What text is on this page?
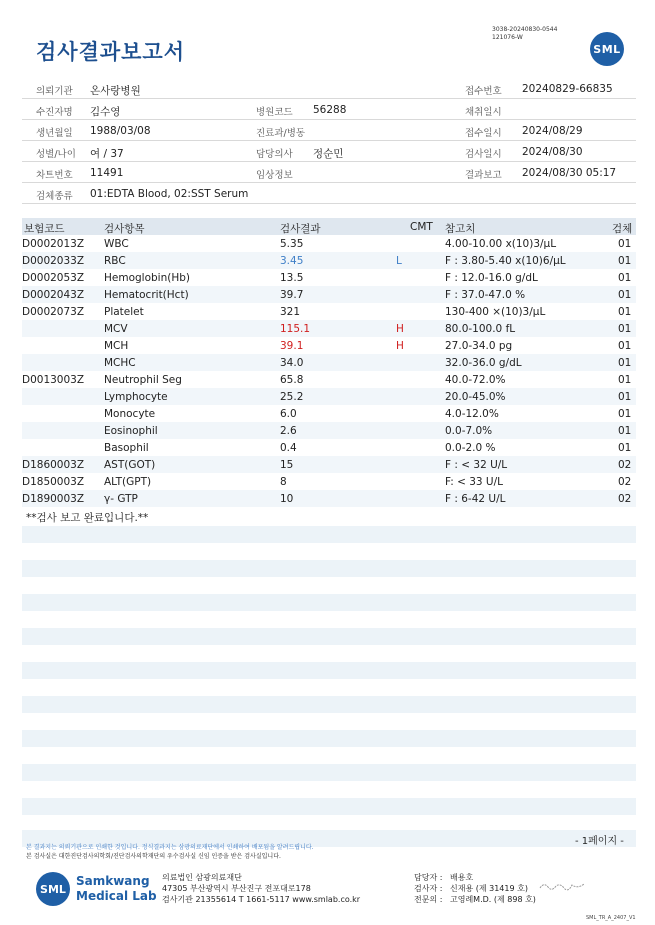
검사결과보고서
3038-20240830-0544
121076-W
SML
의뢰기관 온사랑병원	접수번호 20240829-66835
수진자명 김수영	병원코드 56288	채취일시
생년월일 1988/03/08	진료과/병동	접수일시 2024/08/29
성별/나이 여 / 37	담당의사 정순민	검사일시 2024/08/30
차트번호 11491	임상정보	결과보고 2024/08/30 05:17
검체종류 01:EDTA Blood, 02:SST Serum
보험코드	검사항목	검사결과	CMT 참고치	검체
D0002013Z WBC	5.35	4.00-10.00 x(10)3/µL	01
D0002033Z RBC	3.45	L	F : 3.80-5.40 x(10)6/µL	01
D0002053Z Hemoglobin(Hb)	13.5	F : 12.0-16.0 g/dL	01
D0002043Z Hematocrit(Hct)	39.7	F : 37.0-47.0 %	01
D0002073Z Platelet	321	130-400 ×(10)3/µL	01
MCV	115.1	H	80.0-100.0 fL	01
MCH	39.1	H	27.0-34.0 pg	01
MCHC	34.0	32.0-36.0 g/dL	01
D0013003Z Neutrophil Seg	65.8	40.0-72.0%	01
Lymphocyte	25.2	20.0-45.0%	01
Monocyte	6.0	4.0-12.0%	01
Eosinophil	2.6	0.0-7.0%	01
Basophil	0.4	0.0-2.0 %	01
D1860003Z AST(GOT)	15	F : < 32 U/L	02
D1850003Z ALT(GPT)	8	F: < 33 U/L	02
D1890003Z γ- GTP	10	F : 6-42 U/L	02
**검사 보고 완료입니다.**
- 1페이지 -
본 결과지는 의뢰기관으로 인쇄한 것입니다. 정식결과지는 삼광의료재단에서 인쇄하여 배포됨을 알려드립니다.
본 검사실은 대한진단검사의학회/진단검사의학재단의 우수검사실 신임 인증을 받은 검사실입니다.
SML
Samkwang
Medical Lab
의료법인 삼광의료재단
47305 부산광역시 부산진구 전포대로178
검사기관 21355614 T 1661-5117 www.smlab.co.kr
담당자 : 배용호
검사자 : 신재용 (제 31419 호)
전문의 : 고영례M.D. (제 898 호)
SML_TR_A_2407_V1
